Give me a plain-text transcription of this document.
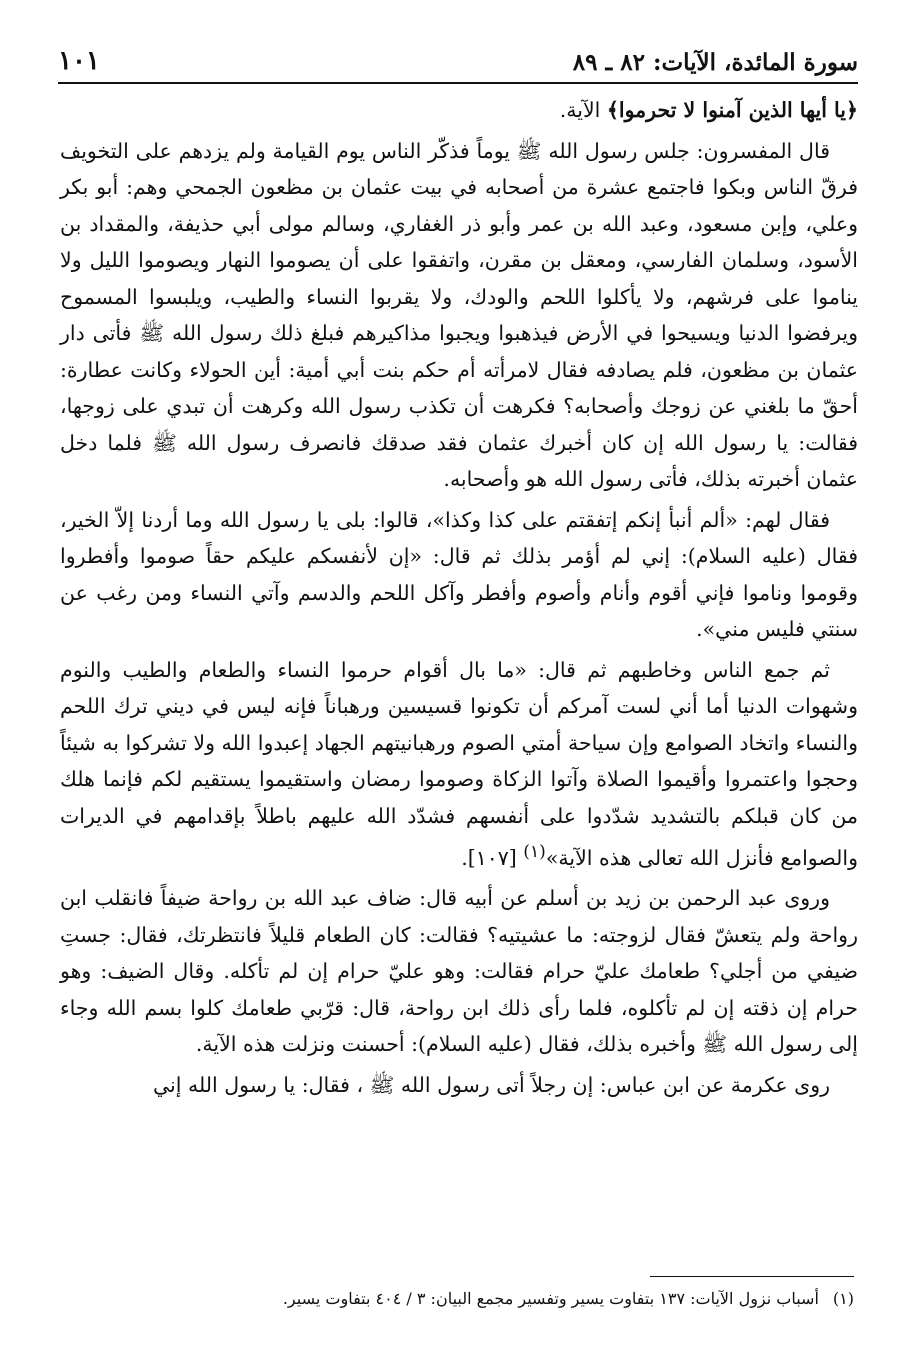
سورة المائدة، الآيات: ٨٢ ـ ٨٩
١٠١

﴿يا أيها الذين آمنوا لا تحرموا﴾ الآية.

قال المفسرون: جلس رسول الله ﷺ يوماً فذكّر الناس يوم القيامة ولم يزدهم على التخويف فرقّ الناس وبكوا فاجتمع عشرة من أصحابه في بيت عثمان بن مظعون الجمحي وهم: أبو بكر وعلي، وإبن مسعود، وعبد الله بن عمر وأبو ذر الغفاري، وسالم مولى أبي حذيفة، والمقداد بن الأسود، وسلمان الفارسي، ومعقل بن مقرن، واتفقوا على أن يصوموا النهار ويصوموا الليل ولا يناموا على فرشهم، ولا يأكلوا اللحم والودك، ولا يقربوا النساء والطيب، ويلبسوا المسموح ويرفضوا الدنيا ويسيحوا في الأرض فيذهبوا ويجبوا مذاكيرهم فبلغ ذلك رسول الله ﷺ فأتى دار عثمان بن مظعون، فلم يصادفه فقال لامرأته أم حكم بنت أبي أمية: أين الحولاء وكانت عطارة: أحقّ ما بلغني عن زوجك وأصحابه؟ فكرهت أن تكذب رسول الله وكرهت أن تبدي على زوجها، فقالت: يا رسول الله إن كان أخبرك عثمان فقد صدقك فانصرف رسول الله ﷺ فلما دخل عثمان أخبرته بذلك، فأتى رسول الله هو وأصحابه.

فقال لهم: «ألم أنبأ إنكم إتفقتم على كذا وكذا»، قالوا: بلى يا رسول الله وما أردنا إلاّ الخير، فقال (عليه السلام): إني لم أؤمر بذلك ثم قال: «إن لأنفسكم عليكم حقاً صوموا وأفطروا وقوموا وناموا فإني أقوم وأنام وأصوم وأفطر وآكل اللحم والدسم وآتي النساء ومن رغب عن سنتي فليس مني».

ثم جمع الناس وخاطبهم ثم قال: «ما بال أقوام حرموا النساء والطعام والطيب والنوم وشهوات الدنيا أما أني لست آمركم أن تكونوا قسيسين ورهباناً فإنه ليس في ديني ترك اللحم والنساء واتخاد الصوامع وإن سياحة أمتي الصوم ورهبانيتهم الجهاد إعبدوا الله ولا تشركوا به شيئاً وحجوا واعتمروا وأقيموا الصلاة وآتوا الزكاة وصوموا رمضان واستقيموا يستقيم لكم فإنما هلك من كان قبلكم بالتشديد شدّدوا على أنفسهم فشدّد الله عليهم باطلاً بإقدامهم في الديرات والصوامع فأنزل الله تعالى هذه الآية»$^{(١)}$ [١٠٧].

وروى عبد الرحمن بن زيد بن أسلم عن أبيه قال: ضاف عبد الله بن رواحة ضيفاً فانقلب ابن رواحة ولم يتعشّ فقال لزوجته: ما عشيتيه؟ فقالت: كان الطعام قليلاً فانتظرتك، فقال: جستِ ضيفي من أجلي؟ طعامك عليّ حرام فقالت: وهو عليّ حرام إن لم تأكله. وقال الضيف: وهو حرام إن ذقته إن لم تأكلوه، فلما رأى ذلك ابن رواحة، قال: قرّبي طعامك كلوا بسم الله وجاء إلى رسول الله ﷺ وأخبره بذلك، فقال (عليه السلام): أحسنت ونزلت هذه الآية.

روى عكرمة عن ابن عباس: إن رجلاً أتى رسول الله ﷺ ، فقال: يا رسول الله إني

(١)أسباب نزول الآيات: ١٣٧ بتفاوت يسير وتفسير مجمع البيان: ٣ / ٤٠٤ بتفاوت يسير.
